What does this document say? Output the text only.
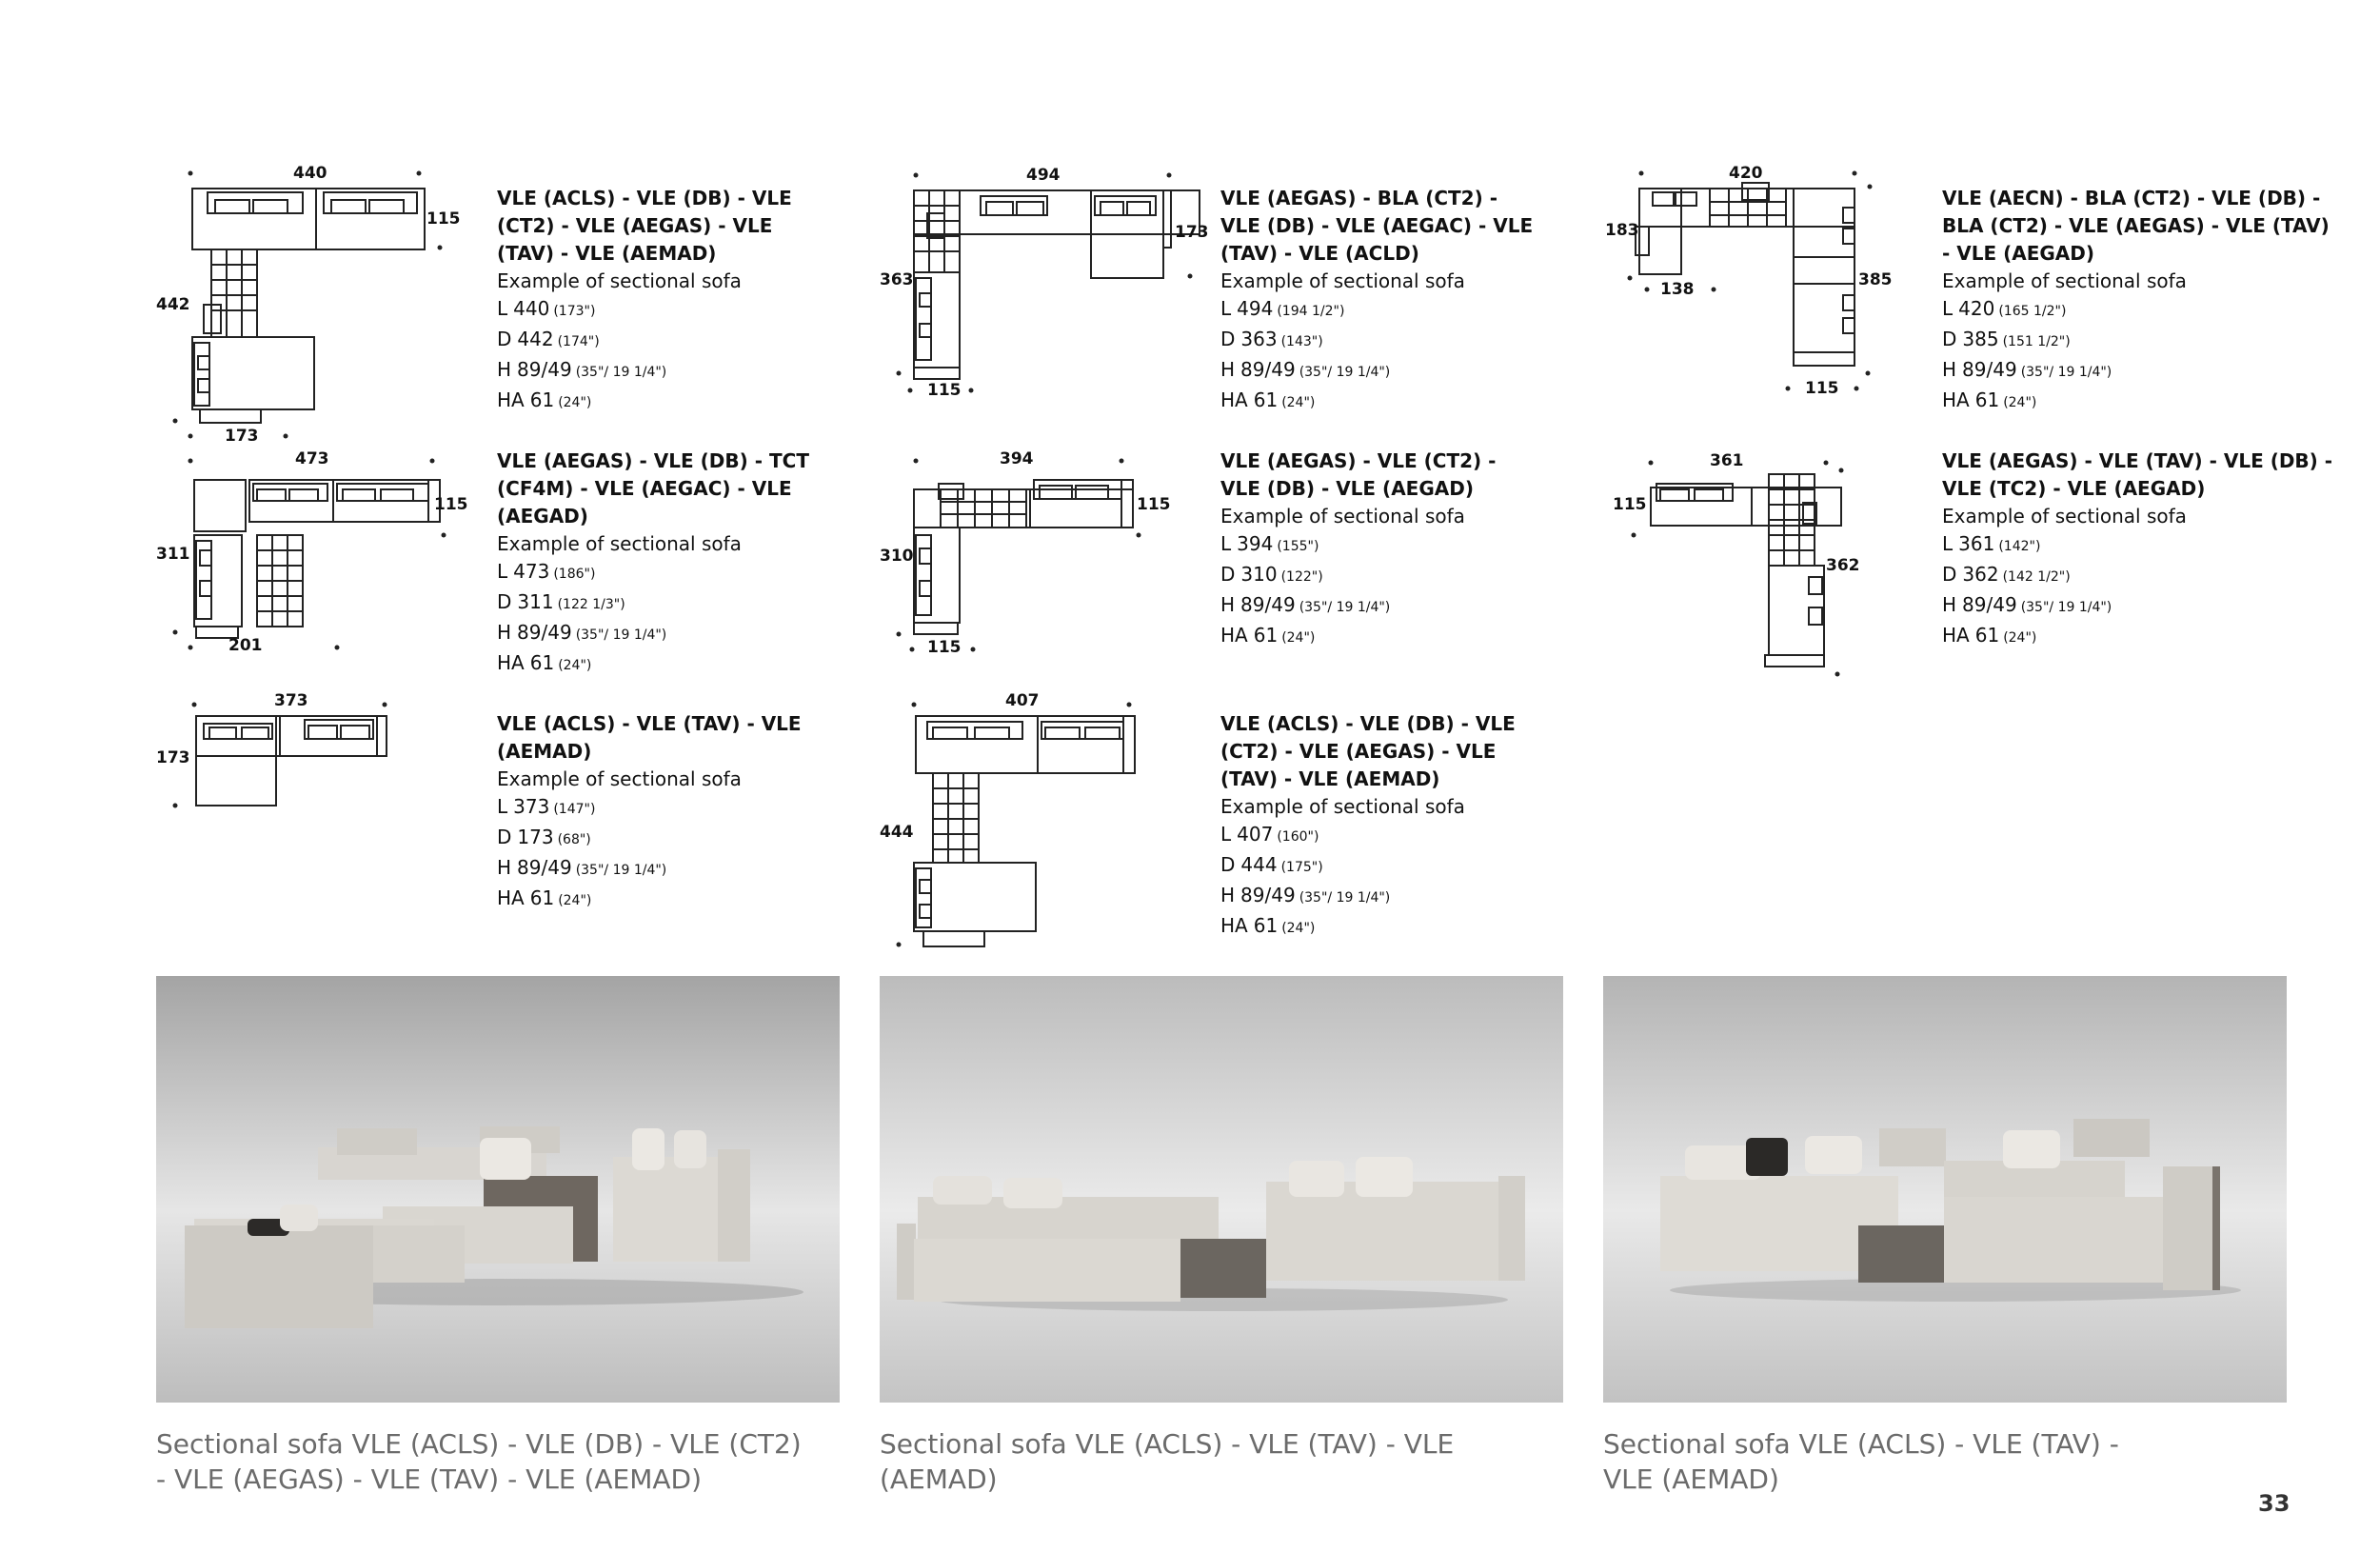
440
115
442
173
VLE (ACLS) - VLE (DB) - VLE (CT2) - VLE (AEGAS) - VLE (TAV) - VLE (AEMAD)
Example of sectional sofa
L 440 (173")
D 442 (174")
H 89/49 (35"/ 19 1/4")
HA 61 (24")
494
173
363
115
VLE (AEGAS) - BLA (CT2) - VLE (DB) - VLE (AEGAC) - VLE (TAV) - VLE (ACLD)
Example of sectional sofa
L 494 (194 1/2")
D 363 (143")
H 89/49 (35"/ 19 1/4")
HA 61 (24")
420
183
138	385
115
VLE (AECN) - BLA (CT2) - VLE (DB) - BLA (CT2) - VLE (AEGAS) - VLE (TAV) - VLE (AEGAD)
Example of sectional sofa
L 420 (165 1/2")
D 385 (151 1/2")
H 89/49 (35"/ 19 1/4")
HA 61 (24")
473
115
311
201
VLE (AEGAS) - VLE (DB) - TCT (CF4M) - VLE (AEGAC) - VLE (AEGAD)
Example of sectional sofa
L 473 (186")
D 311 (122 1/3")
H 89/49 (35"/ 19 1/4")
HA 61 (24")
394
115
310
115
VLE (AEGAS) - VLE (CT2) - VLE (DB) - VLE (AEGAD)
Example of sectional sofa
L 394 (155")
D 310 (122")
H 89/49 (35"/ 19 1/4")
HA 61 (24")
361
115
362
VLE (AEGAS) - VLE (TAV) - VLE (DB) - VLE (TC2) - VLE (AEGAD)
Example of sectional sofa
L 361 (142")
D 362 (142 1/2")
H 89/49 (35"/ 19 1/4")
HA 61 (24")
373
173
VLE (ACLS) - VLE (TAV) - VLE (AEMAD)
Example of sectional sofa
L 373 (147")
D 173 (68")
H 89/49 (35"/ 19 1/4")
HA 61 (24")
407
444
VLE (ACLS) - VLE (DB) - VLE (CT2) - VLE (AEGAS) - VLE (TAV) - VLE (AEMAD)
Example of sectional sofa
L 407 (160")
D 444 (175")
H 89/49 (35"/ 19 1/4")
HA 61 (24")
Sectional sofa VLE (ACLS) - VLE (DB) - VLE (CT2) - VLE (AEGAS) - VLE (TAV) - VLE (AEMAD)
Sectional sofa VLE (ACLS) - VLE (TAV) - VLE (AEMAD)
Sectional sofa VLE (ACLS) - VLE (TAV) - VLE (AEMAD)
33
